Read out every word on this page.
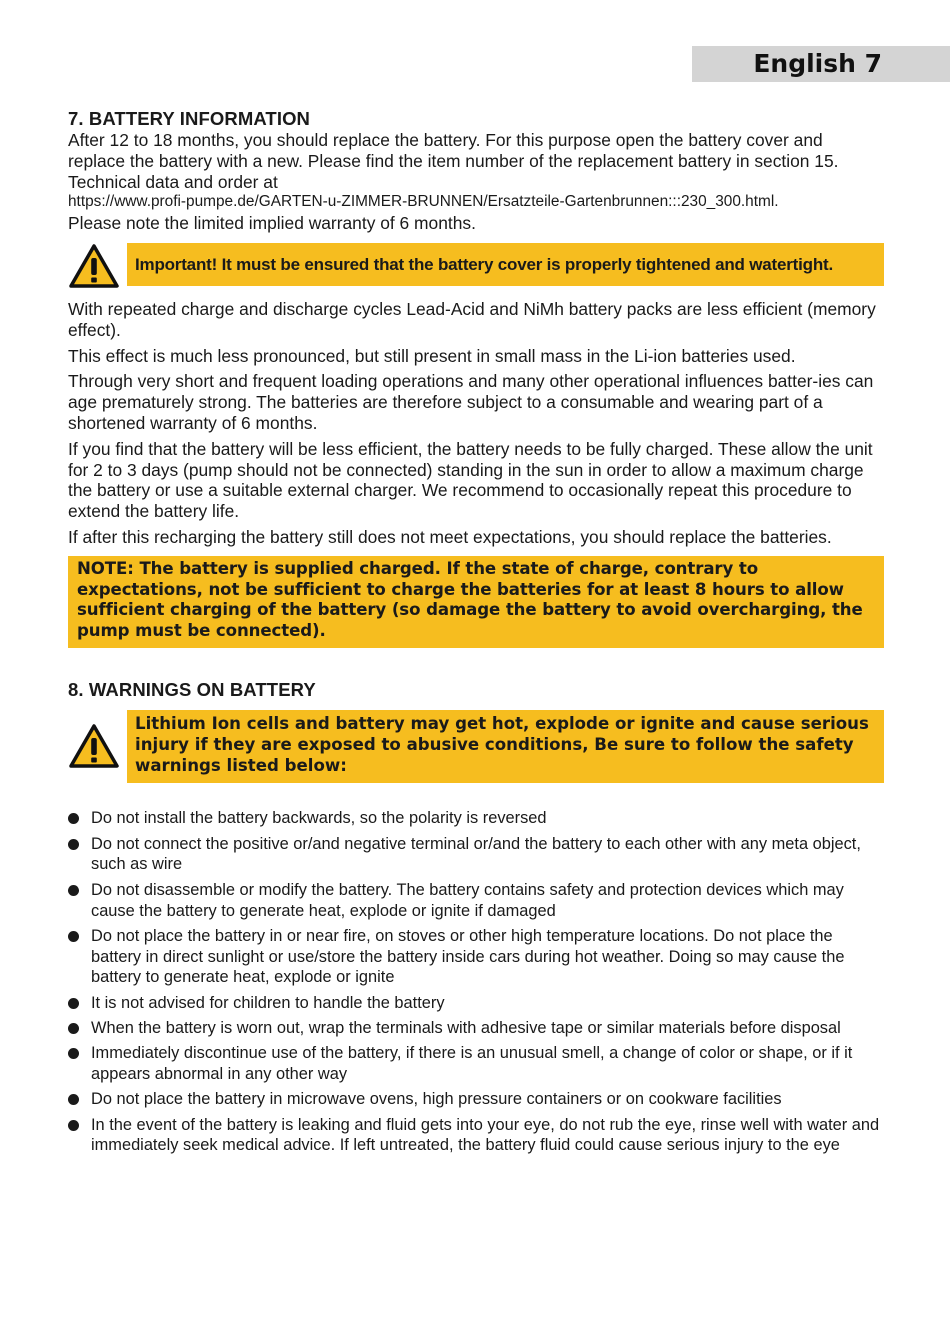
English 7
7. BATTERY INFORMATION

After 12 to 18 months, you should replace the battery. For this purpose open the battery cover and replace the battery with a new. Please find the item number of the replacement battery in section 15. Technical data and order at
https://www.profi-pumpe.de/GARTEN-u-ZIMMER-BRUNNEN/Ersatzteile-Gartenbrunnen:::230_300.html.
Please note the limited implied warranty of 6 months.

Important! It must be ensured that the battery cover is properly tightened and watertight.

With repeated charge and discharge cycles Lead-Acid and NiMh battery packs are less efficient (memory effect).

This effect is much less pronounced, but still present in small mass in the Li-ion batteries used.

Through very short and frequent loading operations and many other operational influences batter-ies can age prematurely strong. The batteries are therefore subject to a consumable and wearing part of a shortened warranty of 6 months.

If you find that the battery will be less efficient, the battery needs to be fully charged. These allow the unit for 2 to 3 days (pump should not be connected) standing in the sun in order to allow a maximum charge the battery or use a suitable external charger. We recommend to occasionally repeat this procedure to extend the battery life.

If after this recharging the battery still does not meet expectations, you should replace the batteries.

NOTE: The battery is supplied charged. If the state of charge, contrary to expectations, not be sufficient to charge the batteries for at least 8 hours to allow sufficient charging of the battery (so damage the battery to avoid overcharging, the pump must be connected).
8. WARNINGS ON BATTERY
Lithium Ion cells and battery may get hot, explode or ignite and cause serious injury if they are exposed to abusive conditions, Be sure to follow the safety warnings listed below:
Do not install the battery backwards, so the polarity is reversed
Do not connect the positive or/and negative terminal or/and the battery to each other with any meta object, such as wire
Do not disassemble or modify the battery. The battery contains safety and protection devices which may cause the battery to generate heat, explode or ignite if damaged
Do not place the battery in or near fire, on stoves or other high temperature locations. Do not place the battery in direct sunlight or use/store the battery inside cars during hot weather. Doing so may cause the battery to generate heat, explode or ignite
It is not advised for children to handle the battery
When the battery is worn out, wrap the terminals with adhesive tape or similar materials before disposal
Immediately discontinue use of the battery, if there is an unusual smell, a change of color or shape, or if it appears abnormal in any other way
Do not place the battery in microwave ovens, high pressure containers or on cookware facilities
In the event of the battery is leaking and fluid gets into your eye, do not rub the eye, rinse well with water and immediately seek medical advice. If left untreated, the battery fluid could cause serious injury to the eye
